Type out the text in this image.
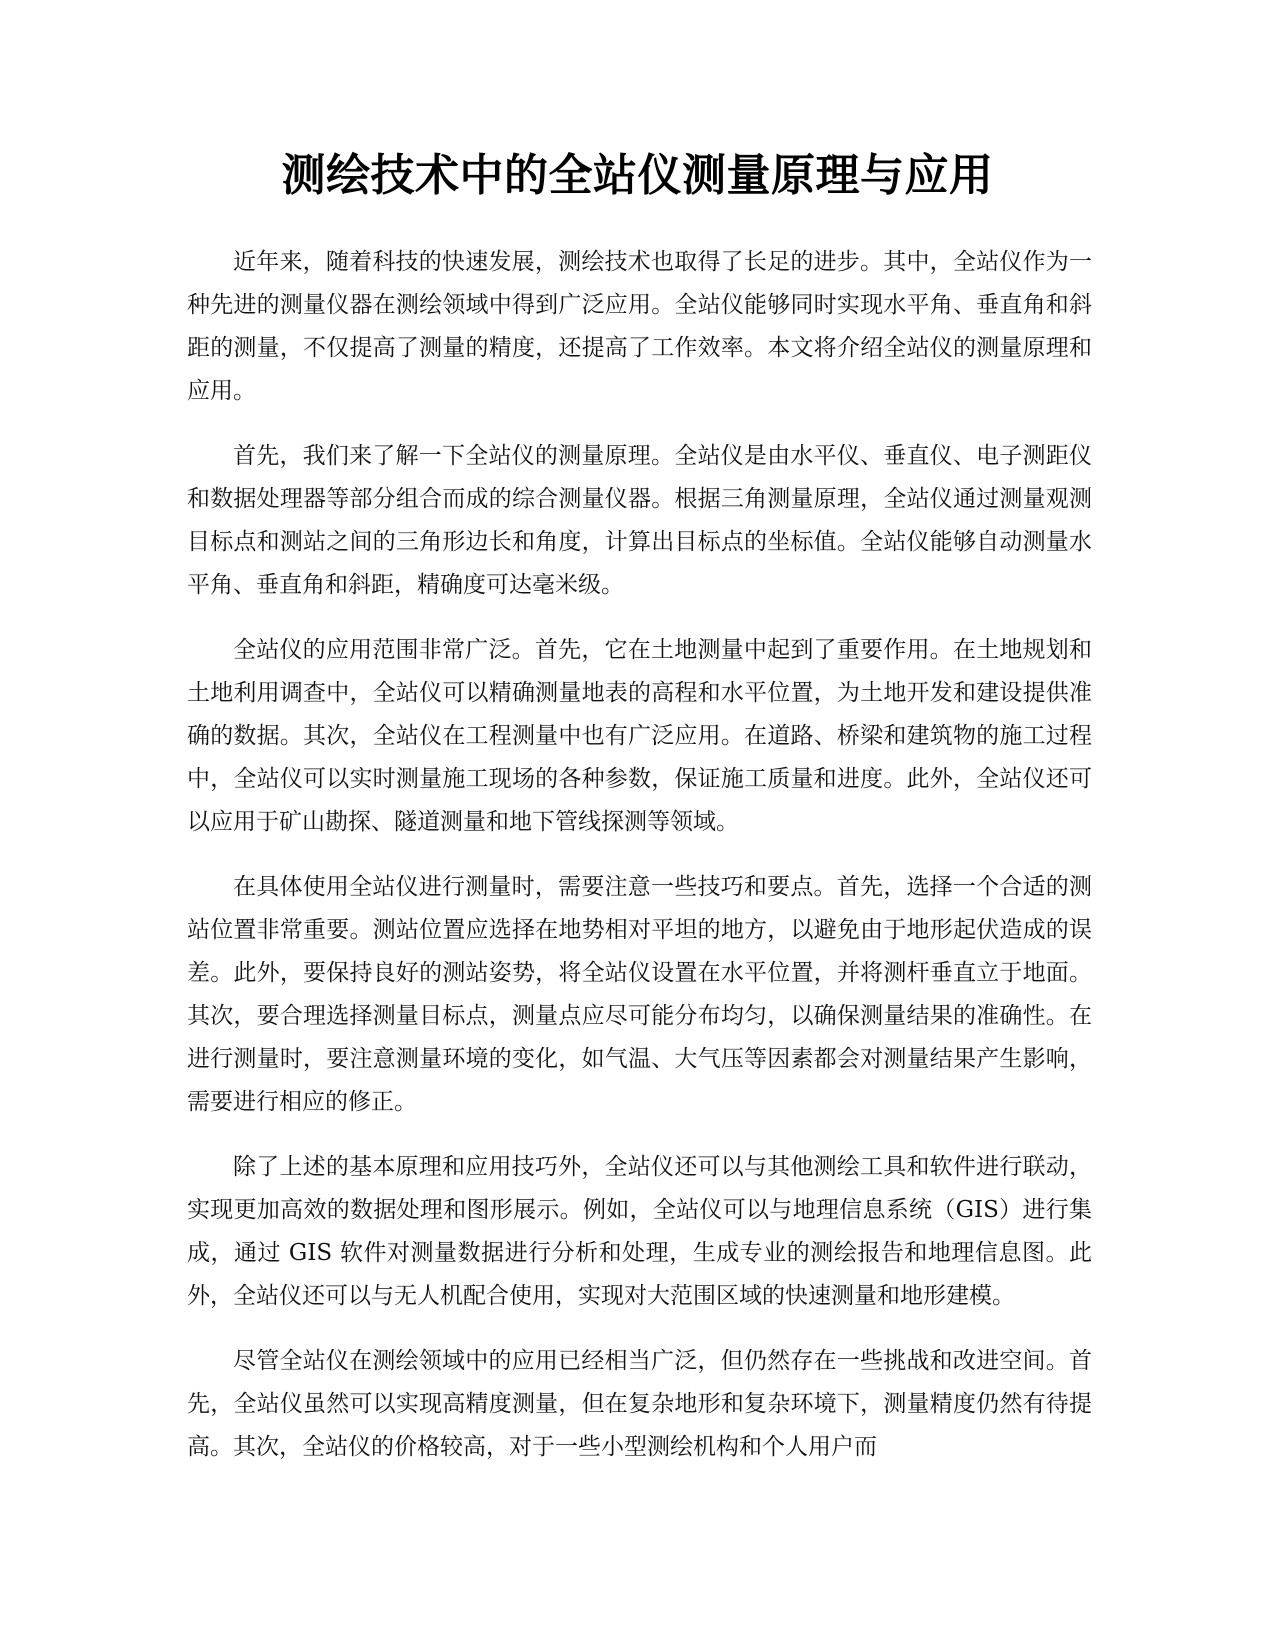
测绘技术中的全站仪测量原理与应用

近年来，随着科技的快速发展，测绘技术也取得了长足的进步。其中，全站仪作为一种先进的测量仪器在测绘领域中得到广泛应用。全站仪能够同时实现水平角、垂直角和斜距的测量，不仅提高了测量的精度，还提高了工作效率。本文将介绍全站仪的测量原理和应用。

首先，我们来了解一下全站仪的测量原理。全站仪是由水平仪、垂直仪、电子测距仪和数据处理器等部分组合而成的综合测量仪器。根据三角测量原理，全站仪通过测量观测目标点和测站之间的三角形边长和角度，计算出目标点的坐标值。全站仪能够自动测量水平角、垂直角和斜距，精确度可达毫米级。

全站仪的应用范围非常广泛。首先，它在土地测量中起到了重要作用。在土地规划和土地利用调查中，全站仪可以精确测量地表的高程和水平位置，为土地开发和建设提供准确的数据。其次，全站仪在工程测量中也有广泛应用。在道路、桥梁和建筑物的施工过程中，全站仪可以实时测量施工现场的各种参数，保证施工质量和进度。此外，全站仪还可以应用于矿山勘探、隧道测量和地下管线探测等领域。

在具体使用全站仪进行测量时，需要注意一些技巧和要点。首先，选择一个合适的测站位置非常重要。测站位置应选择在地势相对平坦的地方，以避免由于地形起伏造成的误差。此外，要保持良好的测站姿势，将全站仪设置在水平位置，并将测杆垂直立于地面。其次，要合理选择测量目标点，测量点应尽可能分布均匀，以确保测量结果的准确性。在进行测量时，要注意测量环境的变化，如气温、大气压等因素都会对测量结果产生影响，需要进行相应的修正。

除了上述的基本原理和应用技巧外，全站仪还可以与其他测绘工具和软件进行联动，实现更加高效的数据处理和图形展示。例如，全站仪可以与地理信息系统（GIS）进行集成，通过 GIS 软件对测量数据进行分析和处理，生成专业的测绘报告和地理信息图。此外，全站仪还可以与无人机配合使用，实现对大范围区域的快速测量和地形建模。

尽管全站仪在测绘领域中的应用已经相当广泛，但仍然存在一些挑战和改进空间。首先，全站仪虽然可以实现高精度测量，但在复杂地形和复杂环境下，测量精度仍然有待提高。其次，全站仪的价格较高，对于一些小型测绘机构和个人用户而
